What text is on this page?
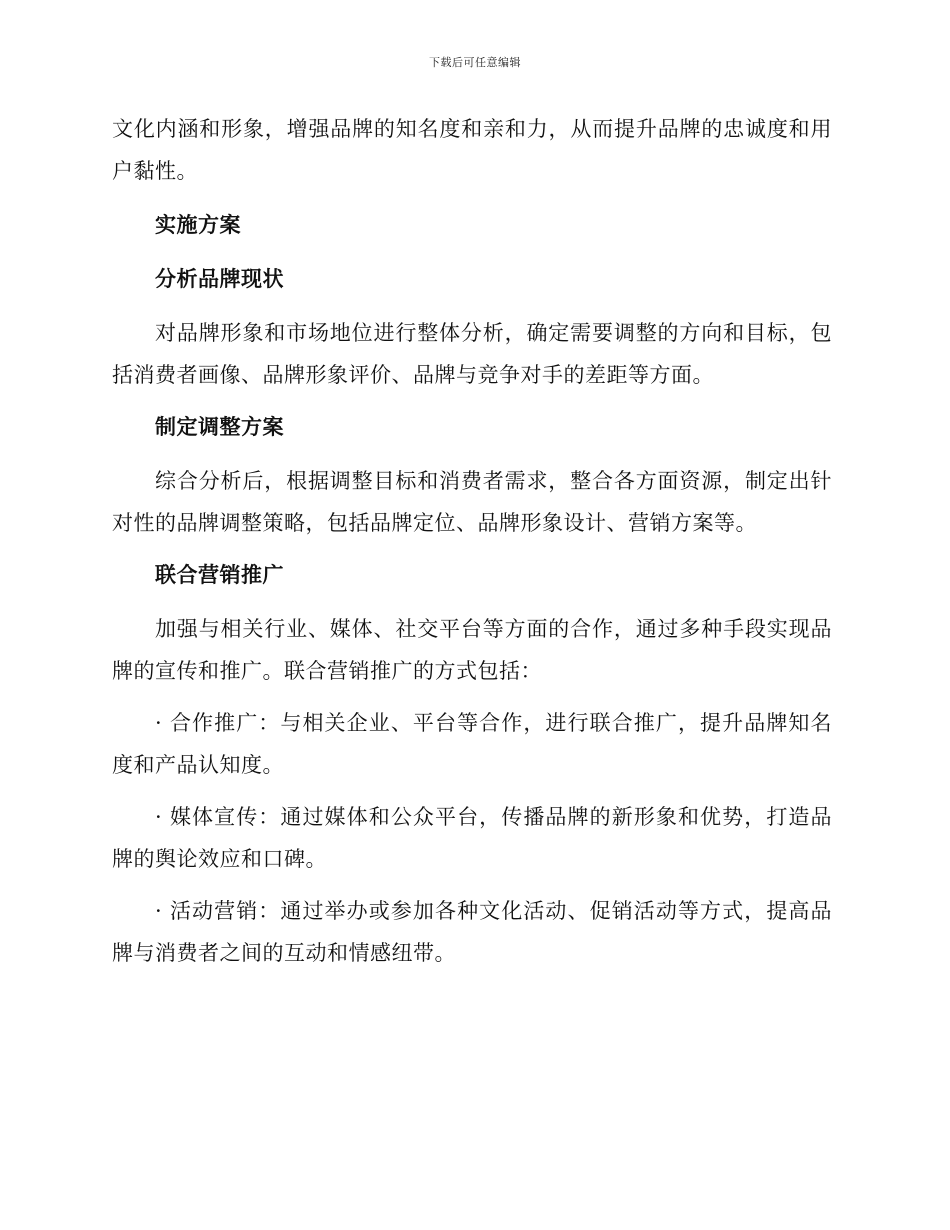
下载后可任意编辑

文化内涵和形象，增强品牌的知名度和亲和力，从而提升品牌的忠诚度和用户黏性。

实施方案
分析品牌现状

对品牌形象和市场地位进行整体分析，确定需要调整的方向和目标，包括消费者画像、品牌形象评价、品牌与竞争对手的差距等方面。

制定调整方案

综合分析后，根据调整目标和消费者需求，整合各方面资源，制定出针对性的品牌调整策略，包括品牌定位、品牌形象设计、营销方案等。

联合营销推广

加强与相关行业、媒体、社交平台等方面的合作，通过多种手段实现品牌的宣传和推广。联合营销推广的方式包括：

· 合作推广：与相关企业、平台等合作，进行联合推广，提升品牌知名度和产品认知度。

· 媒体宣传：通过媒体和公众平台，传播品牌的新形象和优势，打造品牌的舆论效应和口碑。

· 活动营销：通过举办或参加各种文化活动、促销活动等方式，提高品牌与消费者之间的互动和情感纽带。
